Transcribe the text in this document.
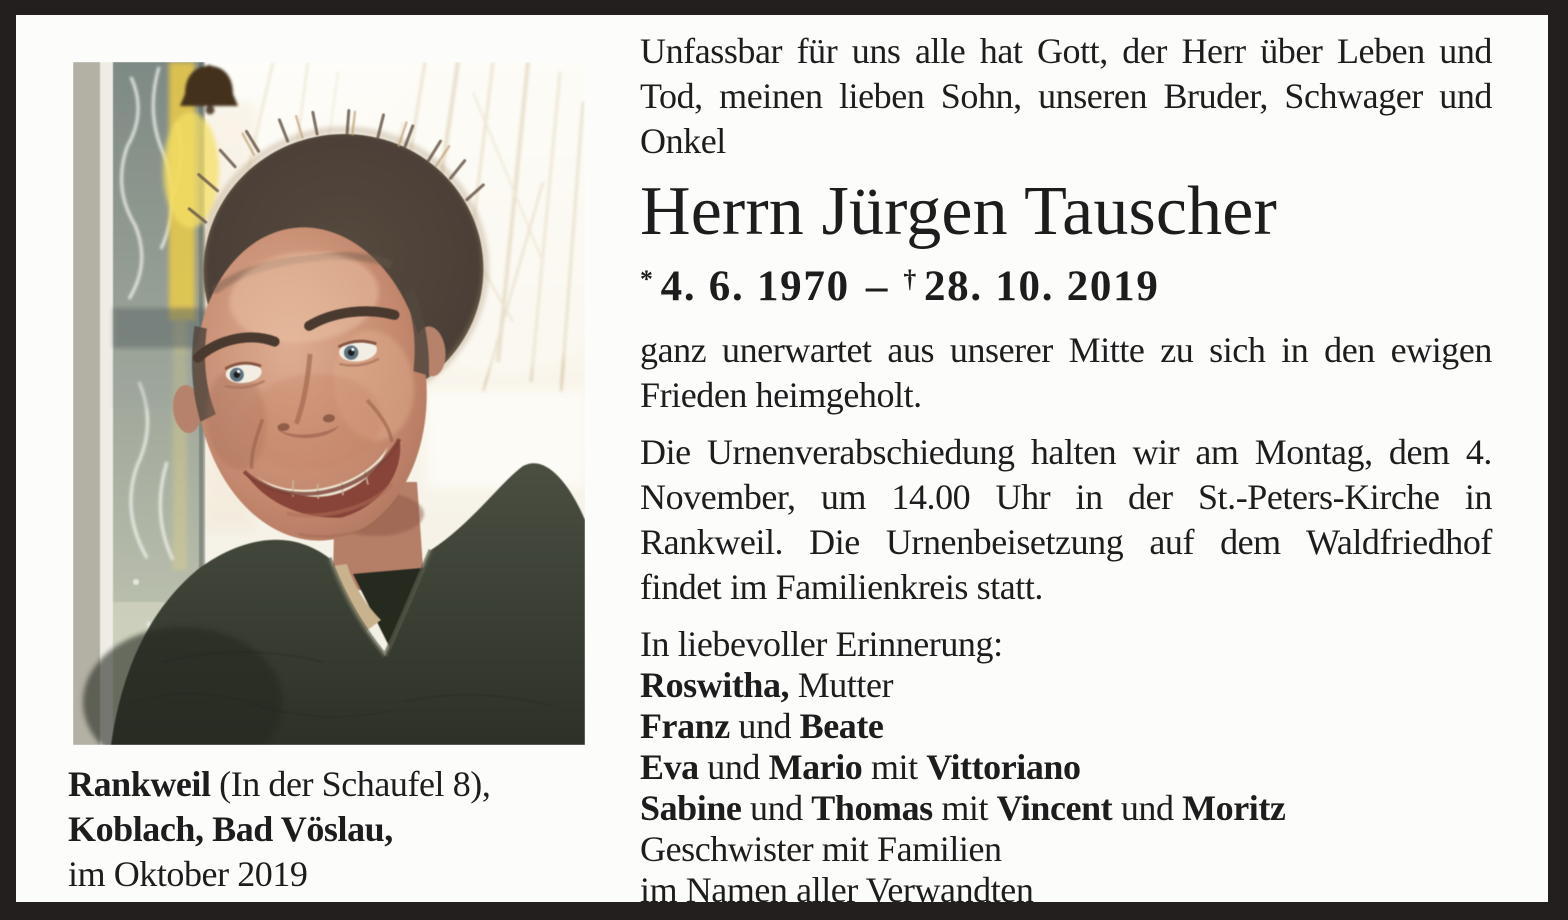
Rankweil (In der Schaufel 8),
Koblach, Bad Vöslau,
im Oktober 2019
Unfassbar für uns alle hat Gott, der Herr über Leben und Tod, meinen lieben Sohn, unseren Bruder, Schwager und Onkel
Herrn Jürgen Tauscher
* 4. 6. 1970 – † 28. 10. 2019
ganz unerwartet aus unserer Mitte zu sich in den ewigen Frieden heimgeholt.
Die Urnenverabschiedung halten wir am Montag, dem 4. November, um 14.00 Uhr in der St.-Peters-Kirche in Rankweil. Die Urnenbeisetzung auf dem Waldfriedhof findet im Familienkreis statt.
In liebevoller Erinnerung:
Roswitha, Mutter
Franz und Beate
Eva und Mario mit Vittoriano
Sabine und Thomas mit Vincent und Moritz
Geschwister mit Familien
im Namen aller Verwandten
